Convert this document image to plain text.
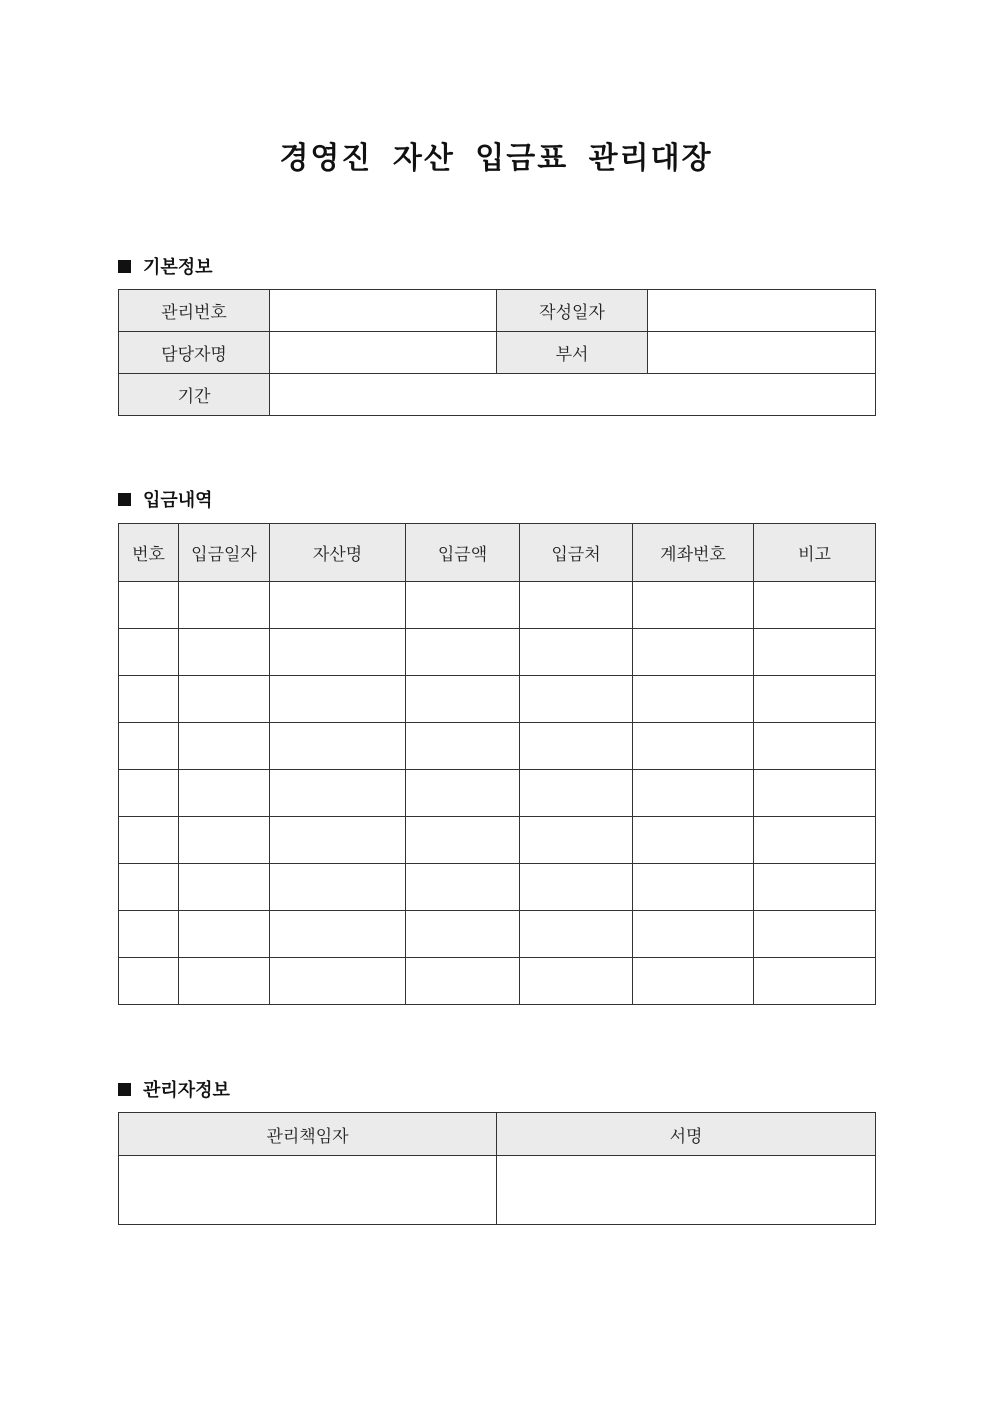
경영진 자산 입금표 관리대장
기본정보
관리번호		작성일자	
담당자명		부서	
기간			
입금내역
번호	입금일자	자산명	입금액	입금처	계좌번호	비고

관리자정보
관리책임자	서명
